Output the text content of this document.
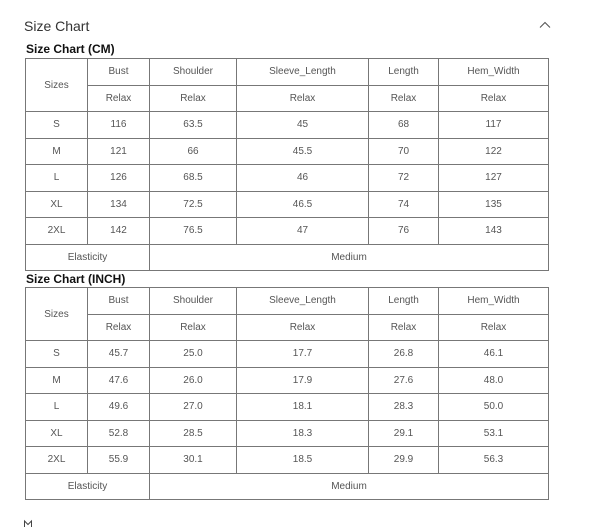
Size Chart
Size Chart (CM)
Sizes	Bust	Shoulder	Sleeve_Length	Length	Hem_Width
	Relax	Relax	Relax	Relax	Relax
S	116	63.5	45	68	117
M	121	66	45.5	70	122
L	126	68.5	46	72	127
XL	134	72.5	46.5	74	135
2XL	142	76.5	47	76	143
Elasticity		Medium			
Size Chart (INCH)
Sizes	Bust	Shoulder	Sleeve_Length	Length	Hem_Width
	Relax	Relax	Relax	Relax	Relax
S	45.7	25.0	17.7	26.8	46.1
M	47.6	26.0	17.9	27.6	48.0
L	49.6	27.0	18.1	28.3	50.0
XL	52.8	28.5	18.3	29.1	53.1
2XL	55.9	30.1	18.5	29.9	56.3
Elasticity		Medium			
